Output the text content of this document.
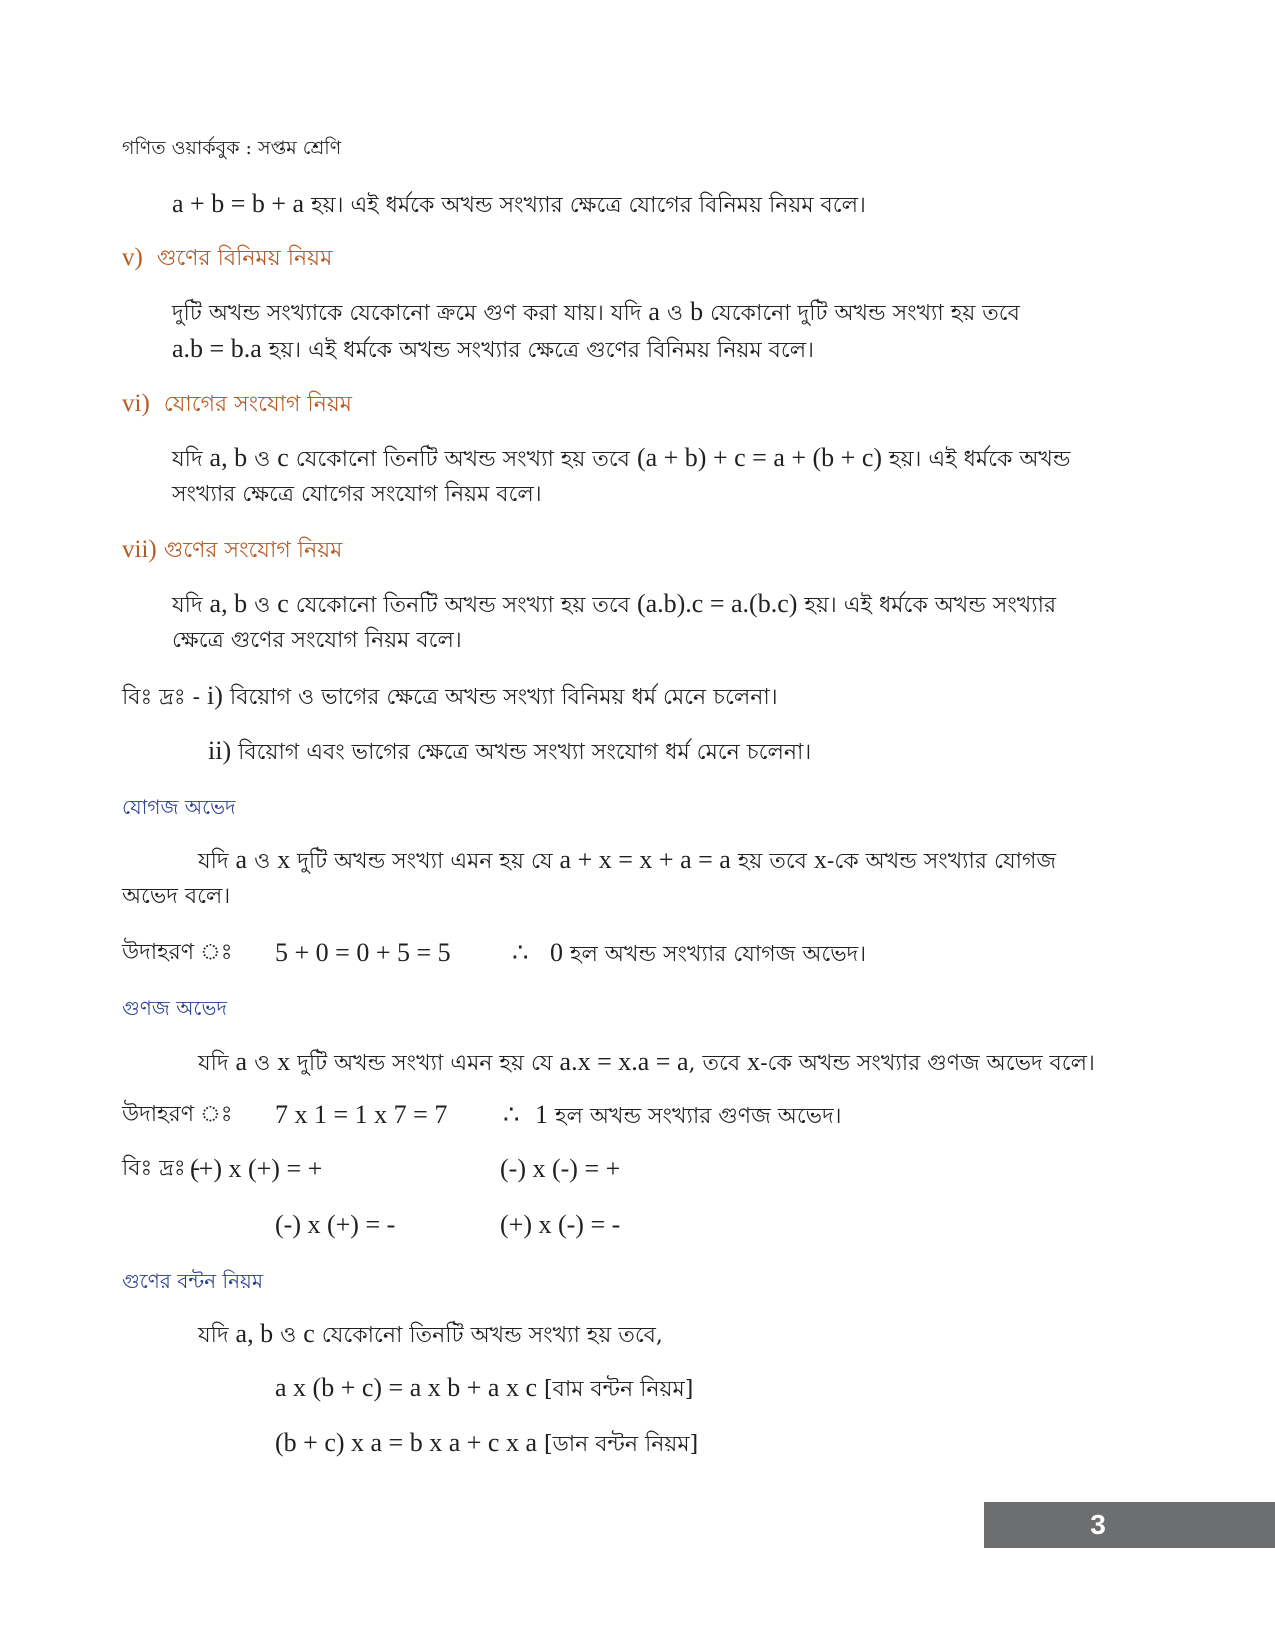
গণিত ওয়ার্কবুক : সপ্তম শ্রেণি
a + b = b + a হয়। এই ধর্মকে অখন্ড সংখ্যার ক্ষেত্রে যোগের বিনিময় নিয়ম বলে।
v) গুণের বিনিময় নিয়ম
দুটি অখন্ড সংখ্যাকে যেকোনো ক্রমে গুণ করা যায়। যদি a ও b যেকোনো দুটি অখন্ড সংখ্যা হয় তবে
a.b = b.a হয়। এই ধর্মকে অখন্ড সংখ্যার ক্ষেত্রে গুণের বিনিময় নিয়ম বলে।
vi) যোগের সংযোগ নিয়ম
যদি a, b ও c যেকোনো তিনটি অখন্ড সংখ্যা হয় তবে (a + b) + c = a + (b + c) হয়। এই ধর্মকে অখন্ড
সংখ্যার ক্ষেত্রে যোগের সংযোগ নিয়ম বলে।
vii) গুণের সংযোগ নিয়ম
যদি a, b ও c যেকোনো তিনটি অখন্ড সংখ্যা হয় তবে (a.b).c = a.(b.c) হয়। এই ধর্মকে অখন্ড সংখ্যার
ক্ষেত্রে গুণের সংযোগ নিয়ম বলে।
বিঃ দ্রঃ - i) বিয়োগ ও ভাগের ক্ষেত্রে অখন্ড সংখ্যা বিনিময় ধর্ম মেনে চলেনা।
ii) বিয়োগ এবং ভাগের ক্ষেত্রে অখন্ড সংখ্যা সংযোগ ধর্ম মেনে চলেনা।
যোগজ অভেদ
যদি a ও x দুটি অখন্ড সংখ্যা এমন হয় যে a + x = x + a = a হয় তবে x-কে অখন্ড সংখ্যার যোগজ
অভেদ বলে।
উদাহরণ ঃ 5 + 0 = 0 + 5 = 5 ∴ 0 হল অখন্ড সংখ্যার যোগজ অভেদ।
গুণজ অভেদ
যদি a ও x দুটি অখন্ড সংখ্যা এমন হয় যে a.x = x.a = a, তবে x-কে অখন্ড সংখ্যার গুণজ অভেদ বলে।
উদাহরণ ঃ 7 x 1 = 1 x 7 = 7 ∴ 1 হল অখন্ড সংখ্যার গুণজ অভেদ।
বিঃ দ্রঃ -
(+) x (+) = +	(-) x (-) = +
(-) x (+) = -	(+) x (-) = -
গুণের বন্টন নিয়ম
যদি a, b ও c যেকোনো তিনটি অখন্ড সংখ্যা হয় তবে,
a x (b + c) = a x b + a x c [বাম বন্টন নিয়ম]
(b + c) x a = b x a + c x a [ডান বন্টন নিয়ম]
3
